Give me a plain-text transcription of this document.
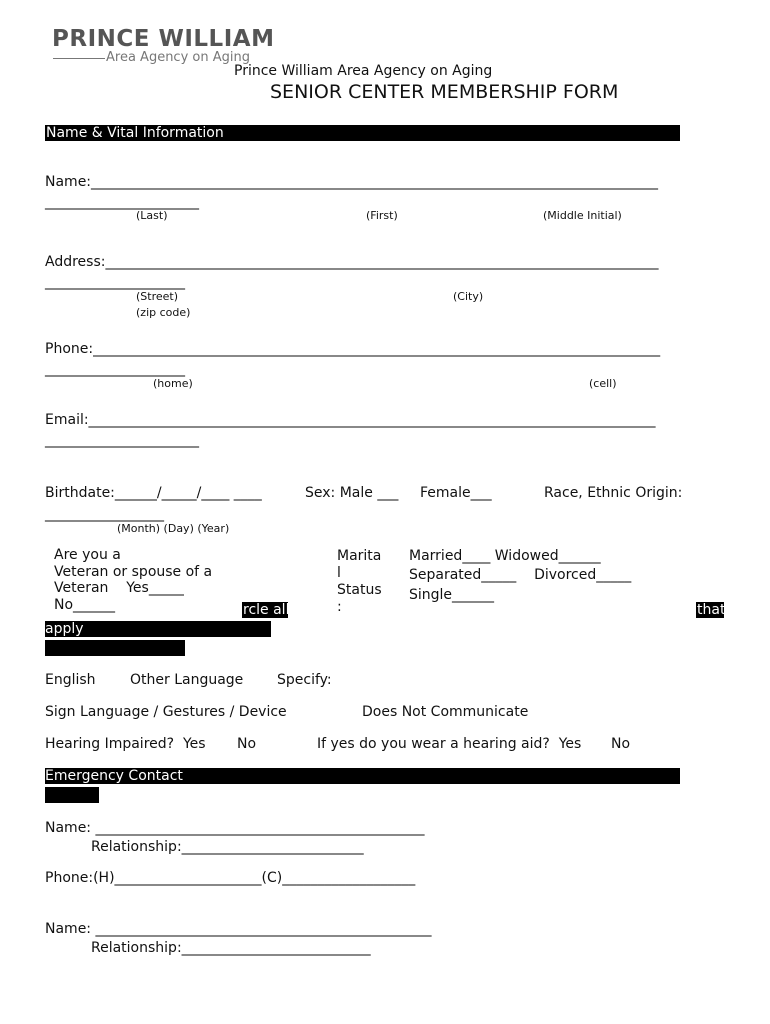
PRINCE WILLIAM
Area Agency on Aging
Prince William Area Agency on Aging
SENIOR CENTER MEMBERSHIP FORM
Name & Vital Information
Name:_________________________________________________________________________________
______________________
(Last)	(First)	(Middle Initial)
Address:_______________________________________________________________________________
____________________
(Street)	(City)
(zip code)
Phone:_________________________________________________________________________________
____________________
(home)	(cell)
Email:_________________________________________________________________________________
______________________
Birthdate:______/_____/____ ____	Sex: Male ___ Female___	Race, Ethnic Origin:
_________________
(Month) (Day) (Year)
Are you a
Veteran or spouse of a
Veteran    Yes_____
No______
Marita
l
Status
:
Married____ Widowed______
Separated_____    Divorced_____
Single______
rcle all	that
apply
English Other Language Specify:
Sign Language / Gestures / Device	Does Not Communicate
Hearing Impaired?  Yes No	If yes do you wear a hearing aid?  Yes No
Emergency Contact
Name: _______________________________________________
Relationship:__________________________
Phone:(H)_____________________(C)___________________
Name: ________________________________________________
Relationship:___________________________
